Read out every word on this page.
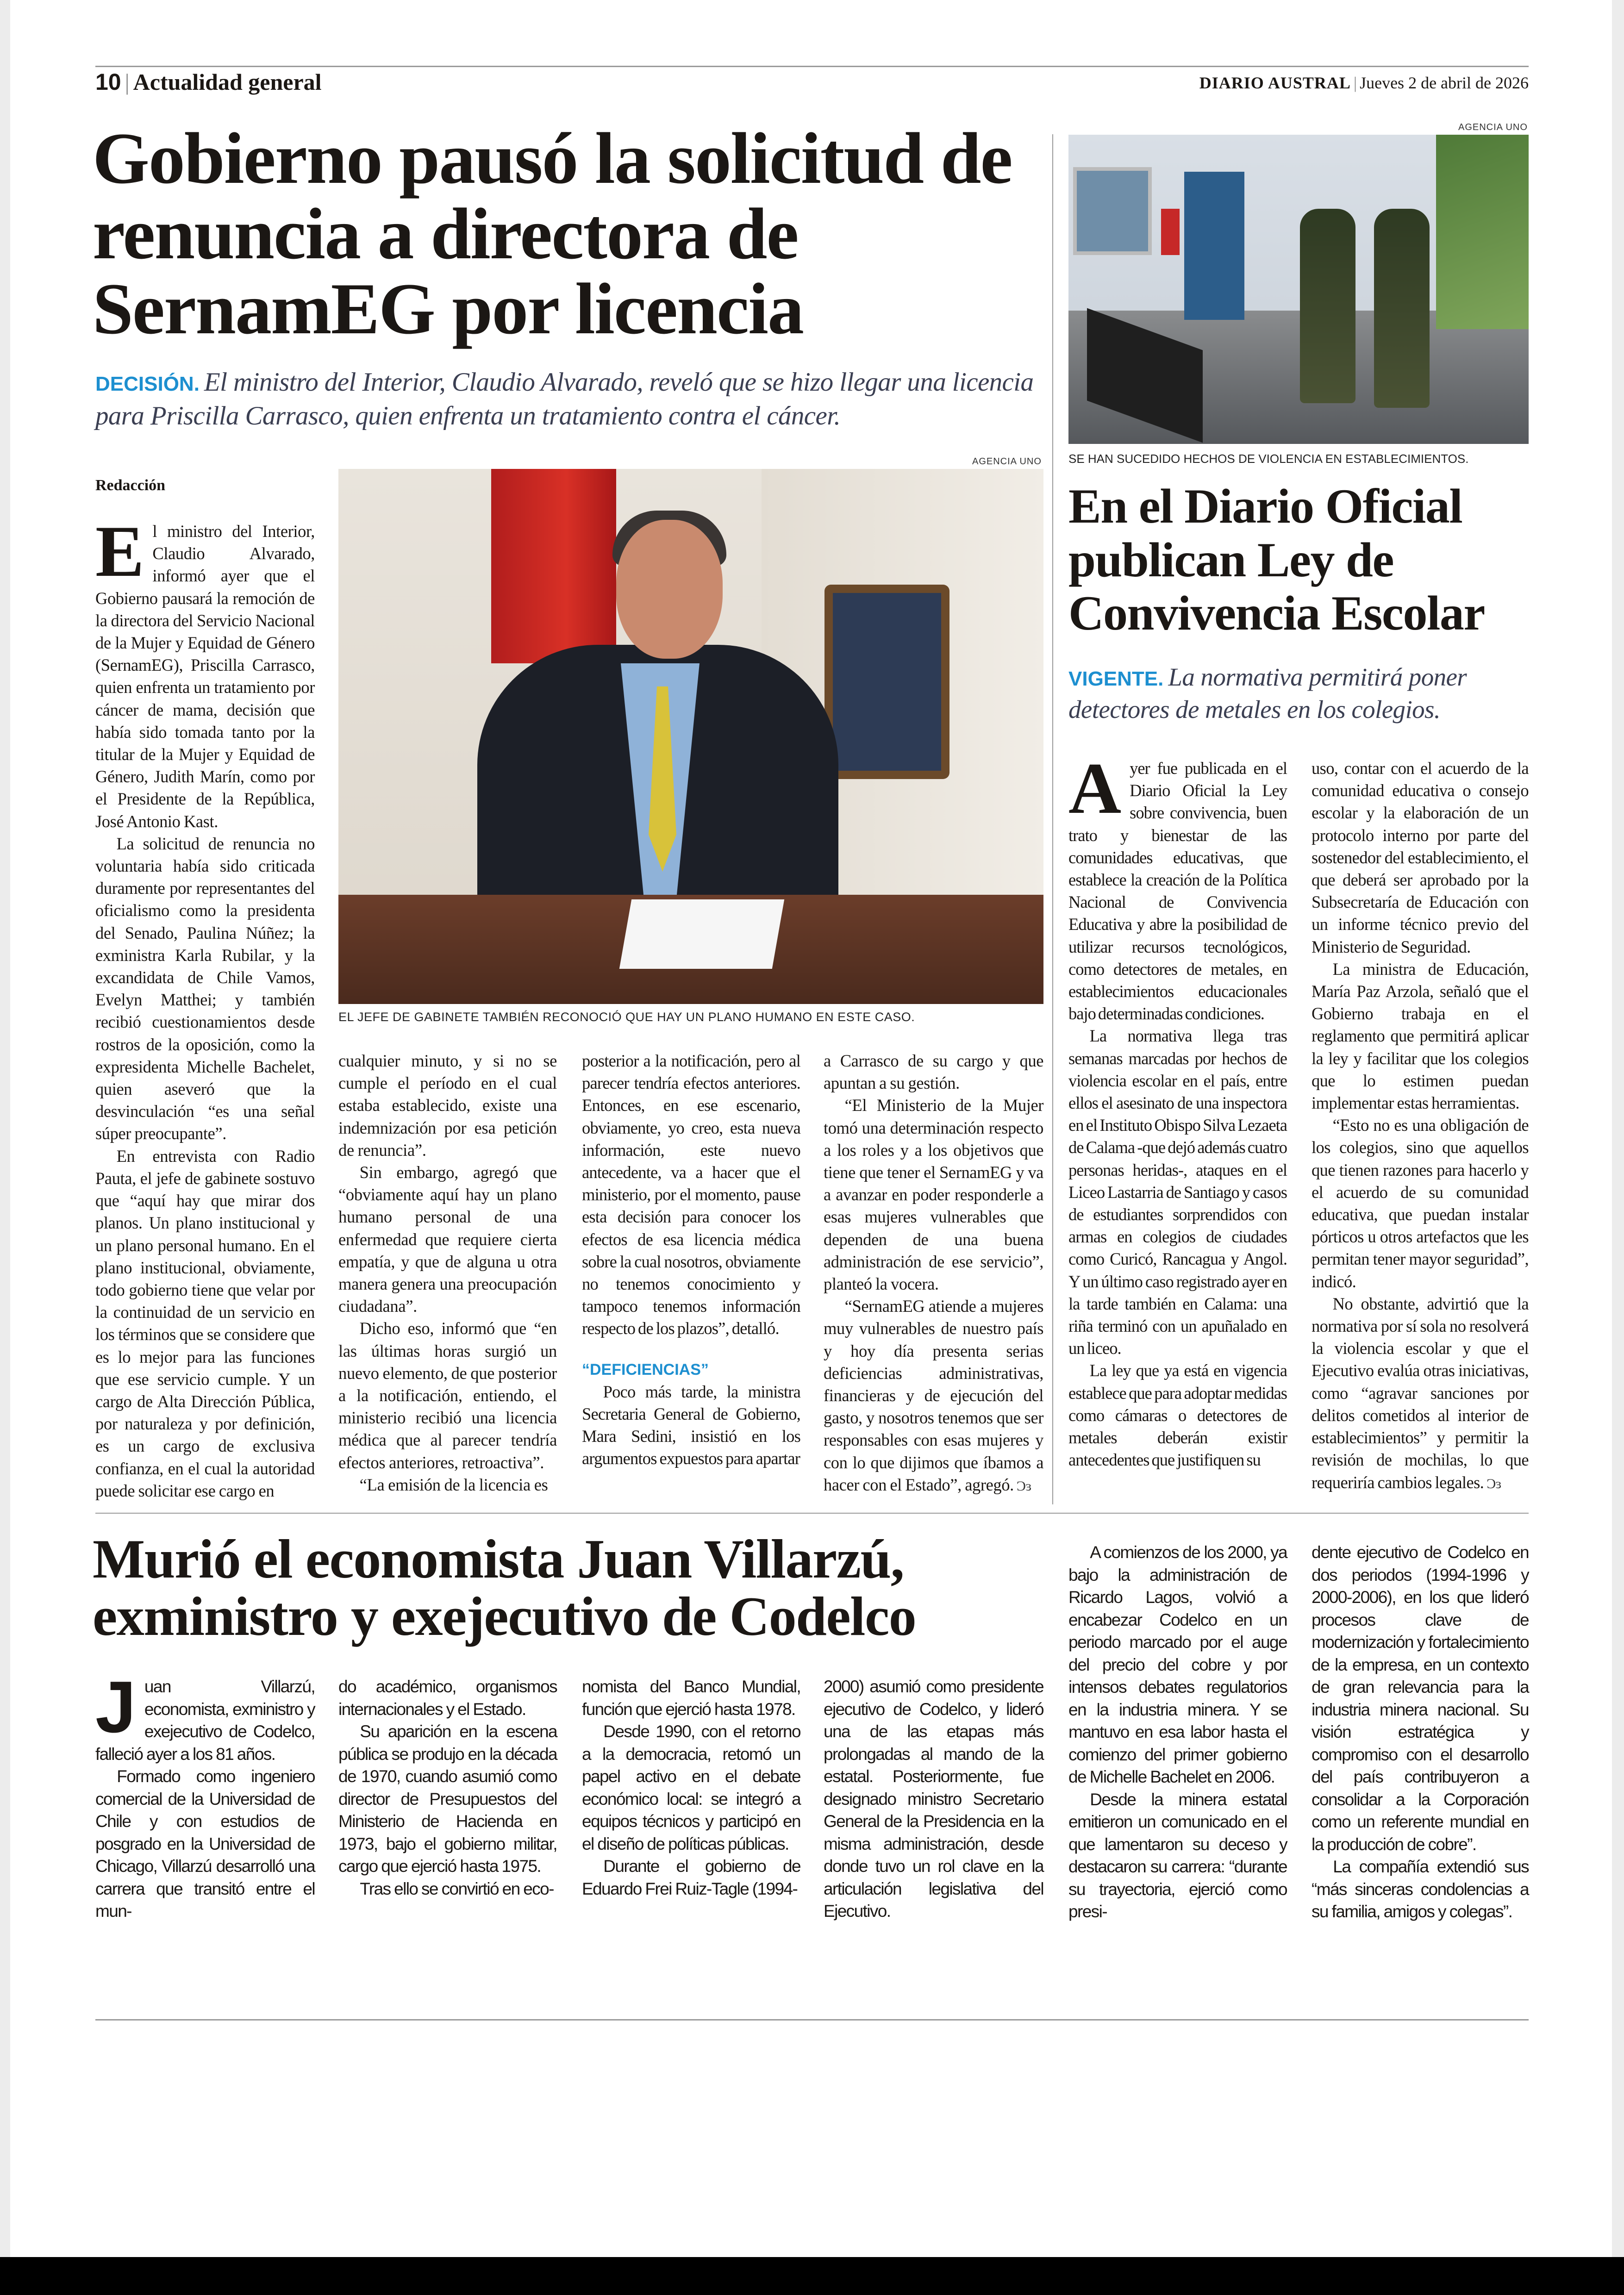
10 | Actualidad general	DIARIO AUSTRAL | Jueves 2 de abril de 2026
Gobierno pausó la solicitud de renuncia a directora de SernamEG por licencia
DECISIÓN. El ministro del Interior, Claudio Alvarado, reveló que se hizo llegar una licencia para Priscilla Carrasco, quien enfrenta un tratamiento contra el cáncer.
Redacción
AGENCIA UNO
EL JEFE DE GABINETE TAMBIÉN RECONOCIÓ QUE HAY UN PLANO HUMANO EN ESTE CASO.
E l ministro del Interior, Claudio Alvarado, informó ayer que el Gobierno pausará la remoción de la directora del Servicio Nacional de la Mujer y Equidad de Género (SernamEG), Priscilla Carrasco, quien enfrenta un tratamiento por cáncer de mama, decisión que había sido tomada tanto por la titular de la Mujer y Equidad de Género, Judith Marín, como por el Presidente de la República, José Antonio Kast.

La solicitud de renuncia no voluntaria había sido criticada duramente por representantes del oficialismo como la presidenta del Senado, Paulina Núñez; la exministra Karla Rubilar, y la excandidata de Chile Vamos, Evelyn Matthei; y también recibió cuestionamientos desde rostros de la oposición, como la expresidenta Michelle Bachelet, quien aseveró que la desvinculación “es una señal súper preocupante”.

En entrevista con Radio Pauta, el jefe de gabinete sostuvo que “aquí hay que mirar dos planos. Un plano institucional y un plano personal humano. En el plano institucional, obviamente, todo gobierno tiene que velar por la continuidad de un servicio en los términos que se considere que es lo mejor para las funciones que ese servicio cumple. Y un cargo de Alta Dirección Pública, por naturaleza y por definición, es un cargo de exclusiva confianza, en el cual la autoridad puede solicitar ese cargo en

cualquier minuto, y si no se cumple el período en el cual estaba establecido, existe una indemnización por esa petición de renuncia”.

Sin embargo, agregó que “obviamente aquí hay un plano humano personal de una enfermedad que requiere cierta empatía, y que de alguna u otra manera genera una preocupación ciudadana”.

Dicho eso, informó que “en las últimas horas surgió un nuevo elemento, de que posterior a la notificación, entiendo, el ministerio recibió una licencia médica que al parecer tendría efectos anteriores, retroactiva”.

“La emisión de la licencia es

posterior a la notificación, pero al parecer tendría efectos anteriores. Entonces, en ese escenario, obviamente, yo creo, esta nueva información, este nuevo antecedente, va a hacer que el ministerio, por el momento, pause esta decisión para conocer los efectos de esa licencia médica sobre la cual nosotros, obviamente no tenemos conocimiento y tampoco tenemos información respecto de los plazos”, detalló.

“DEFICIENCIAS”

Poco más tarde, la ministra Secretaria General de Gobierno, Mara Sedini, insistió en los argumentos expuestos para apartar

a Carrasco de su cargo y que apuntan a su gestión.

“El Ministerio de la Mujer tomó una determinación respecto a los roles y a los objetivos que tiene que tener el SernamEG y va a avanzar en poder responderle a esas mujeres vulnerables que dependen de una buena administración de ese servicio”, planteó la vocera.

“SernamEG atiende a mujeres muy vulnerables de nuestro país y hoy día presenta serias deficiencias administrativas, financieras y de ejecución del gasto, y nosotros tenemos que ser responsables con esas mujeres y con lo que dijimos que íbamos a hacer con el Estado”, agregó. Ɔɜ

AGENCIA UNO
SE HAN SUCEDIDO HECHOS DE VIOLENCIA EN ESTABLECIMIENTOS.
En el Diario Oficial publican Ley de Convivencia Escolar
VIGENTE. La normativa permitirá poner detectores de metales en los colegios.
A yer fue publicada en el Diario Oficial la Ley sobre convivencia, buen trato y bienestar de las comunidades educativas, que establece la creación de la Política Nacional de Convivencia Educativa y abre la posibilidad de utilizar recursos tecnológicos, como detectores de metales, en establecimientos educacionales bajo determinadas condiciones.

La normativa llega tras semanas marcadas por hechos de violencia escolar en el país, entre ellos el asesinato de una inspectora en el Instituto Obispo Silva Lezaeta de Calama -que dejó además cuatro personas heridas-, ataques en el Liceo Lastarria de Santiago y casos de estudiantes sorprendidos con armas en colegios de ciudades como Curicó, Rancagua y Angol. Y un último caso registrado ayer en la tarde también en Calama: una riña terminó con un apuñalado en un liceo.

La ley que ya está en vigencia establece que para adoptar medidas como cámaras o detectores de metales deberán existir antecedentes que justifiquen su

uso, contar con el acuerdo de la comunidad educativa o consejo escolar y la elaboración de un protocolo interno por parte del sostenedor del establecimiento, el que deberá ser aprobado por la Subsecretaría de Educación con un informe técnico previo del Ministerio de Seguridad.

La ministra de Educación, María Paz Arzola, señaló que el Gobierno trabaja en el reglamento que permitirá aplicar la ley y facilitar que los colegios que lo estimen puedan implementar estas herramientas.

“Esto no es una obligación de los colegios, sino que aquellos que tienen razones para hacerlo y el acuerdo de su comunidad educativa, que puedan instalar pórticos u otros artefactos que les permitan tener mayor seguridad”, indicó.

No obstante, advirtió que la normativa por sí sola no resolverá la violencia escolar y que el Ejecutivo evalúa otras iniciativas, como “agravar sanciones por delitos cometidos al interior de establecimientos” y permitir la revisión de mochilas, lo que requeriría cambios legales. Ɔɜ

Murió el economista Juan Villarzú, exministro y exejecutivo de Codelco
J uan Villarzú, economista, exministro y exejecutivo de Codelco, falleció ayer a los 81 años.

Formado como ingeniero comercial de la Universidad de Chile y con estudios de posgrado en la Universidad de Chicago, Villarzú desarrolló una carrera que transitó entre el mun-

do académico, organismos internacionales y el Estado.

Su aparición en la escena pública se produjo en la década de 1970, cuando asumió como director de Presupuestos del Ministerio de Hacienda en 1973, bajo el gobierno militar, cargo que ejerció hasta 1975.

Tras ello se convirtió en eco-

nomista del Banco Mundial, función que ejerció hasta 1978.

Desde 1990, con el retorno a la democracia, retomó un papel activo en el debate económico local: se integró a equipos técnicos y participó en el diseño de políticas públicas.

Durante el gobierno de Eduardo Frei Ruiz-Tagle (1994-

2000) asumió como presidente ejecutivo de Codelco, y lideró una de las etapas más prolongadas al mando de la estatal. Posteriormente, fue designado ministro Secretario General de la Presidencia en la misma administración, desde donde tuvo un rol clave en la articulación legislativa del Ejecutivo.

A comienzos de los 2000, ya bajo la administración de Ricardo Lagos, volvió a encabezar Codelco en un periodo marcado por el auge del precio del cobre y por intensos debates regulatorios en la industria minera. Y se mantuvo en esa labor hasta el comienzo del primer gobierno de Michelle Bachelet en 2006.

Desde la minera estatal emitieron un comunicado en el que lamentaron su deceso y destacaron su carrera: “durante su trayectoria, ejerció como presi-

dente ejecutivo de Codelco en dos periodos (1994-1996 y 2000-2006), en los que lideró procesos clave de modernización y fortalecimiento de la empresa, en un contexto de gran relevancia para la industria minera nacional. Su visión estratégica y compromiso con el desarrollo del país contribuyeron a consolidar a la Corporación como un referente mundial en la producción de cobre”.

La compañía extendió sus “más sinceras condolencias a su familia, amigos y colegas”.
